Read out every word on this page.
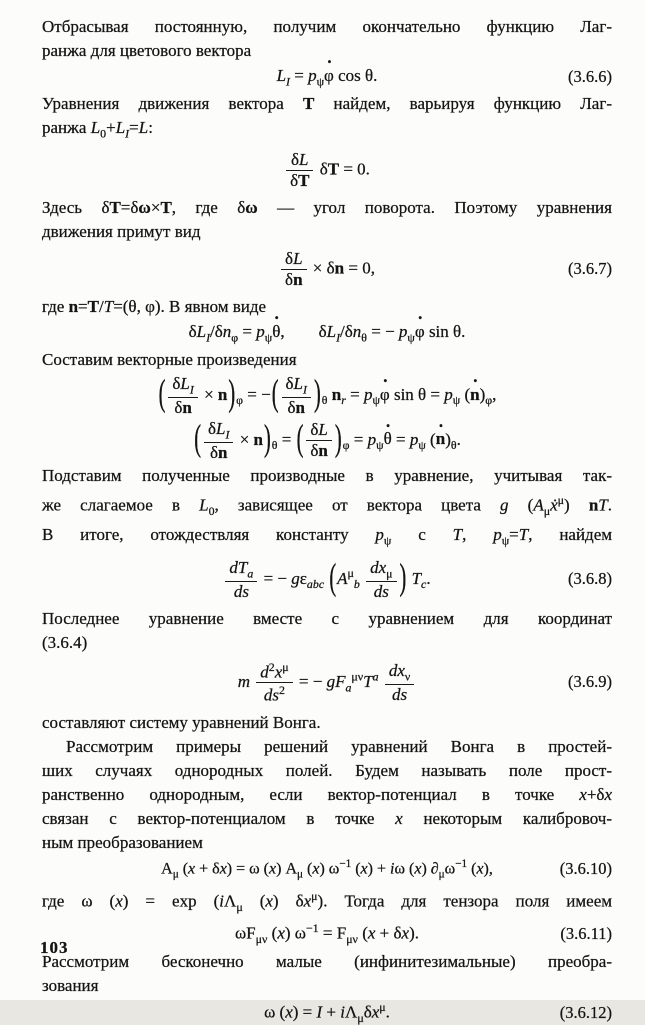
Отбрасывая постоянную, получим окончательно функцию Лаг-
ранжа для цветового вектора

$L_I = p_\psi\varphi \cdot \cos \theta$.	(3.6.6)

Уравнения движения вектора T найдем, варьируя функцию Лаг-
ранжа $L_0+L_I=L$:

$\frac{\delta L}{\delta T}$ δT = 0.

Здесь δT=δω×T, где δω — угол поворота. Поэтому уравнения
движения примут вид

$\frac{\delta L}{\delta n} \times \delta n = 0$,	(3.6.7)

где n=T/T=(θ, φ). В явном виде

$\delta L_I/\delta n_\varphi = p_\psi\theta$ ·,  $\delta L_I/\delta n_\theta$ = − $p_\psi\varphi \cdot \sin \theta$.

Составим векторные произведения

( $\delta L_I$
δn
× $n)_\varphi$ = −( $\delta L_I$
δn )$_\theta$ $n_r = p_\psi\varphi \cdot \sin \theta = p_\psi$ $(n \cdot)_\varphi$,
( $\delta L_I$
δn
× $n)_\theta$ = ( $\frac{\delta L}{\delta n} )_\varphi = p_\psi\theta$ · = $p_\psi$ $(n \cdot)_\theta$.

Подставим полученные производные в уравнение, учитывая так-
же слагаемое в $L_0$, зависящее от вектора цвета g $(A_\mu ẋ^\mu)$ nT.
В итоге, отождествляя константу $p_\psi$ с T, $p_\psi=T$, найдем

$dT_a$
ds
= − $g\varepsilon_{abc}$ ($A^\mu_b$
$dx_\mu$
ds ) $T_c$.	(3.6.8)

Последнее уравнение вместе с уравнением для координат
(3.6.4)

m $\frac{d^2x^\mu}{ds^2}$ = − $gF_a^{\mu\nu}T^a$ $dx_\nu$
ds
(3.6.9)

составляют систему уравнений Вонга.

Рассмотрим примеры решений уравнений Вонга в простей-
ших случаях однородных полей. Будем называть поле прост-
ранственно однородным, если вектор-потенциал в точке x+δx
связан с вектор-потенциалом в точке x некоторым калибровоч-
ным преобразованием

$A_\mu$ (x + δx) = ω (x) $A_\mu$ (x) $\omega^{-1}$ (x) + iω (x) $\partial_\mu\omega^{-1}$ (x),	(3.6.10)

где ω $(x) = \exp (i\Lambda_\mu$ (x) $\delta x^\mu$). Тогда для тензора поля имеем

$\omega F_{\mu\nu}$ (x) $\omega^{-1} = F_{\mu\nu}$ (x + δx).	(3.6.11)

Рассмотрим бесконечно малые (инфинитезимальные) преобра-
зования

ω $(x) = I + i\Lambda_\mu\delta x^\mu$.	(3.6.12)
103
